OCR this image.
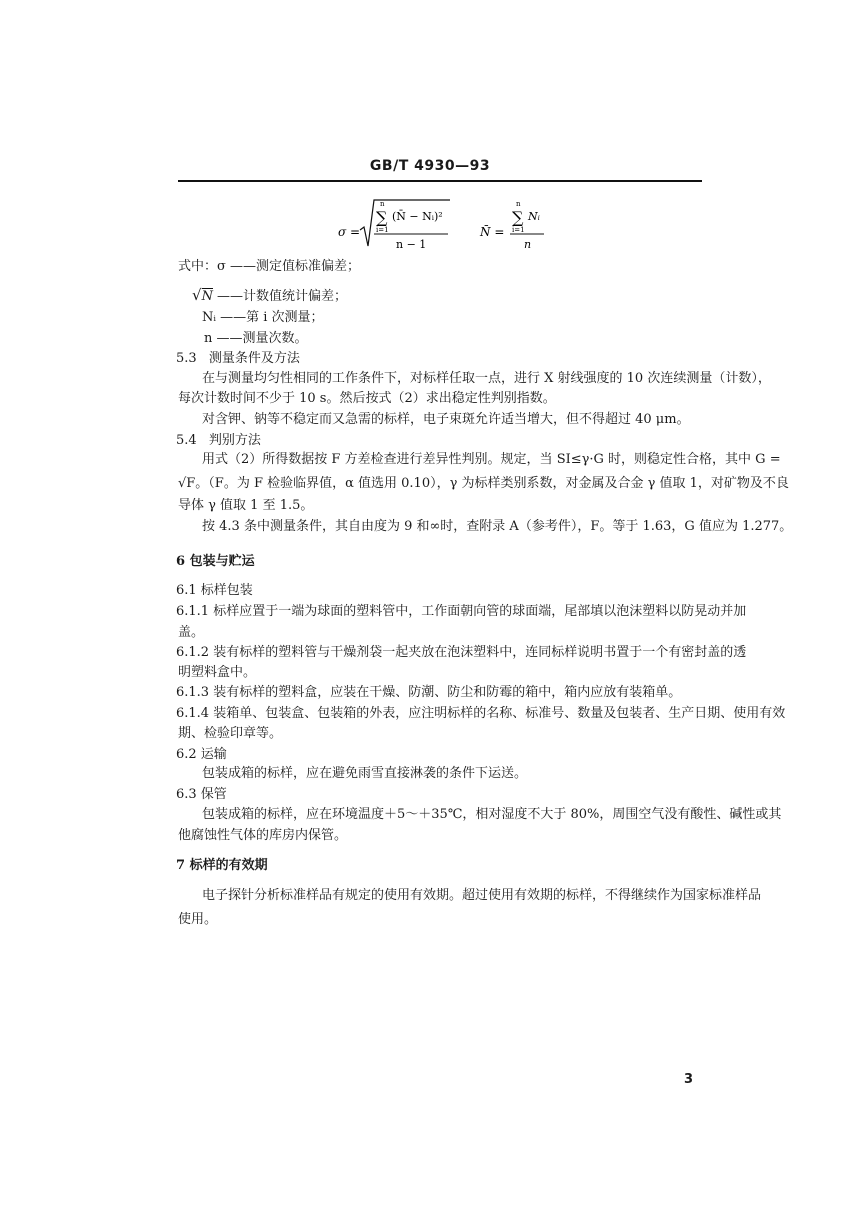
GB/T 4930—93
σ =
n
∑
i=1
(N̄ − Nᵢ)²
n − 1
N̄ =
n
∑
i=1
Nᵢ
n
式中：σ ——测定值标准偏差；
√N ——计数值统计偏差；
Nᵢ ——第 i 次测量；
n ——测量次数。
5.3 测量条件及方法
在与测量均匀性相同的工作条件下，对标样任取一点，进行 X 射线强度的 10 次连续测量（计数），
每次计数时间不少于 10 s。然后按式（2）求出稳定性判别指数。
对含钾、钠等不稳定而又急需的标样，电子束斑允许适当增大，但不得超过 40 μm。
5.4 判别方法
用式（2）所得数据按 F 方差检查进行差异性判别。规定，当 SI≤γ·G 时，则稳定性合格，其中 G =
√F。（F。为 F 检验临界值，α 值选用 0.10），γ 为标样类别系数，对金属及合金 γ 值取 1，对矿物及不良
导体 γ 值取 1 至 1.5。
按 4.3 条中测量条件，其自由度为 9 和∞时，查附录 A（参考件），F。等于 1.63，G 值应为 1.277。
6 包装与贮运
6.1 标样包装
6.1.1 标样应置于一端为球面的塑料管中，工作面朝向管的球面端，尾部填以泡沫塑料以防晃动并加
盖。
6.1.2 装有标样的塑料管与干燥剂袋一起夹放在泡沫塑料中，连同标样说明书置于一个有密封盖的透
明塑料盒中。
6.1.3 装有标样的塑料盒，应装在干燥、防潮、防尘和防霉的箱中，箱内应放有装箱单。
6.1.4 装箱单、包装盒、包装箱的外表，应注明标样的名称、标准号、数量及包装者、生产日期、使用有效
期、检验印章等。
6.2 运输
包装成箱的标样，应在避免雨雪直接淋袭的条件下运送。
6.3 保管
包装成箱的标样，应在环境温度＋5～＋35℃，相对湿度不大于 80%，周围空气没有酸性、碱性或其
他腐蚀性气体的库房内保管。
7 标样的有效期
电子探针分析标准样品有规定的使用有效期。超过使用有效期的标样，不得继续作为国家标准样品
使用。
3
